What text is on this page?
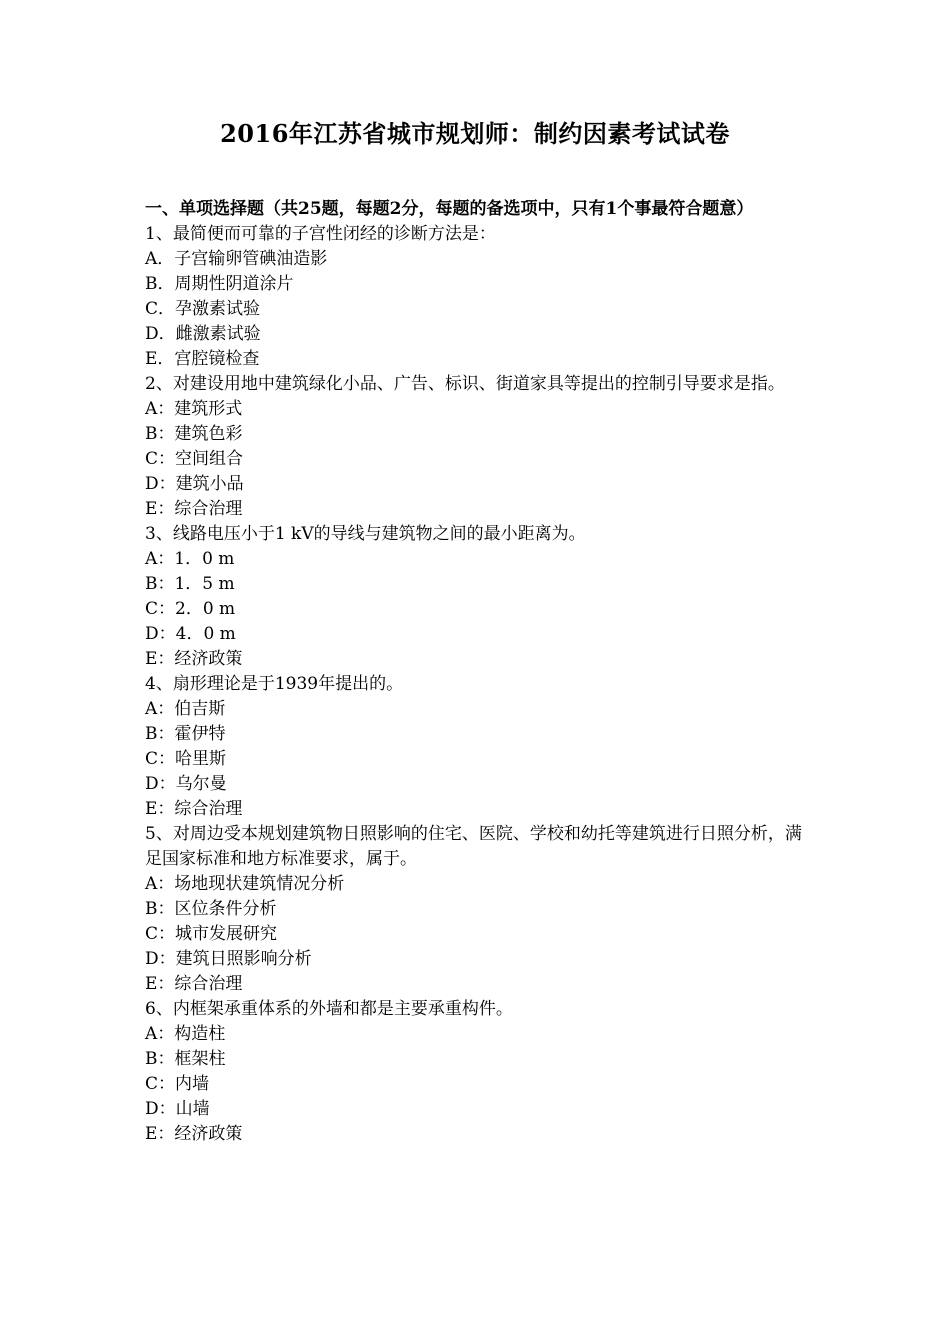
2016年江苏省城市规划师：制约因素考试试卷

一、单项选择题（共25题，每题2分，每题的备选项中，只有1个事最符合题意）

1、最简便而可靠的子宫性闭经的诊断方法是：

A．子宫输卵管碘油造影

B．周期性阴道涂片

C．孕激素试验

D．雌激素试验

E．宫腔镜检查

2、对建设用地中建筑绿化小品、广告、标识、街道家具等提出的控制引导要求是指。

A：建筑形式

B：建筑色彩

C：空间组合

D：建筑小品

E：综合治理

3、线路电压小于1 kV的导线与建筑物之间的最小距离为。

A：1．0 m

B：1．5 m

C：2．0 m

D：4．0 m

E：经济政策

4、扇形理论是于1939年提出的。

A：伯吉斯

B：霍伊特

C：哈里斯

D：乌尔曼

E：综合治理

5、对周边受本规划建筑物日照影响的住宅、医院、学校和幼托等建筑进行日照分析，满足国家标准和地方标准要求，属于。

A：场地现状建筑情况分析

B：区位条件分析

C：城市发展研究

D：建筑日照影响分析

E：综合治理

6、内框架承重体系的外墙和都是主要承重构件。

A：构造柱

B：框架柱

C：内墙

D：山墙

E：经济政策
